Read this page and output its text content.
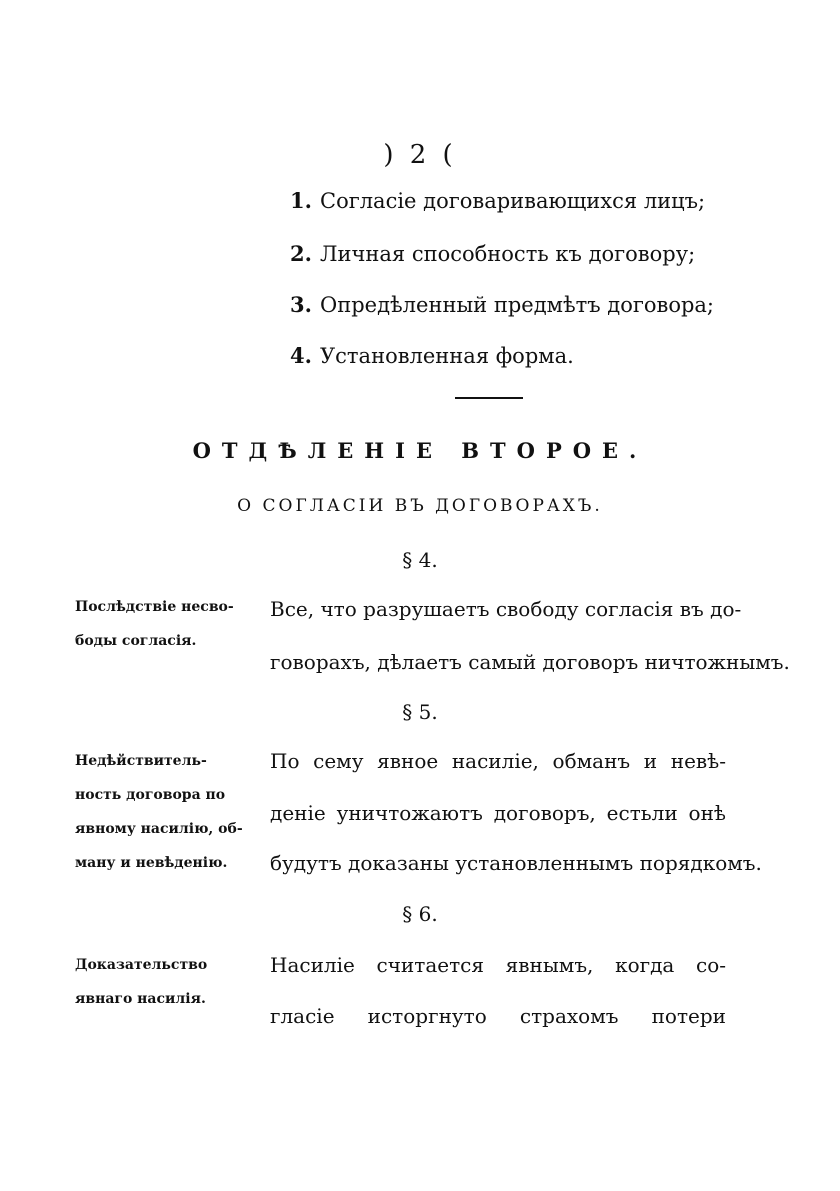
) 2 (
1. Согласіе договаривающихся лицъ;
2. Личная способность къ договору;
3. Опредѣленный предмѣтъ договора;
4. Установленная форма.
ОТДѢЛЕНІЕ ВТОРОЕ.
О СОГЛАСІИ ВЪ ДОГОВОРАХЪ.
§ 4.
Послѣдствіе несво-
боды согласія.
Все, что разрушаетъ свободу согласія въ до-
говорахъ, дѣлаетъ самый договоръ ничтожнымъ.
§ 5.
Недѣйствитель-
ность договора по
явному насилію, об-
ману и невѣденію.
По сему явное насиліе, обманъ и невѣ-
деніе уничтожаютъ договоръ, естьли онѣ
будутъ доказаны установленнымъ порядкомъ.
§ 6.
Доказательство
явнаго насилія.
Насиліе считается явнымъ, когда со-
гласіе исторгнуто страхомъ потери
